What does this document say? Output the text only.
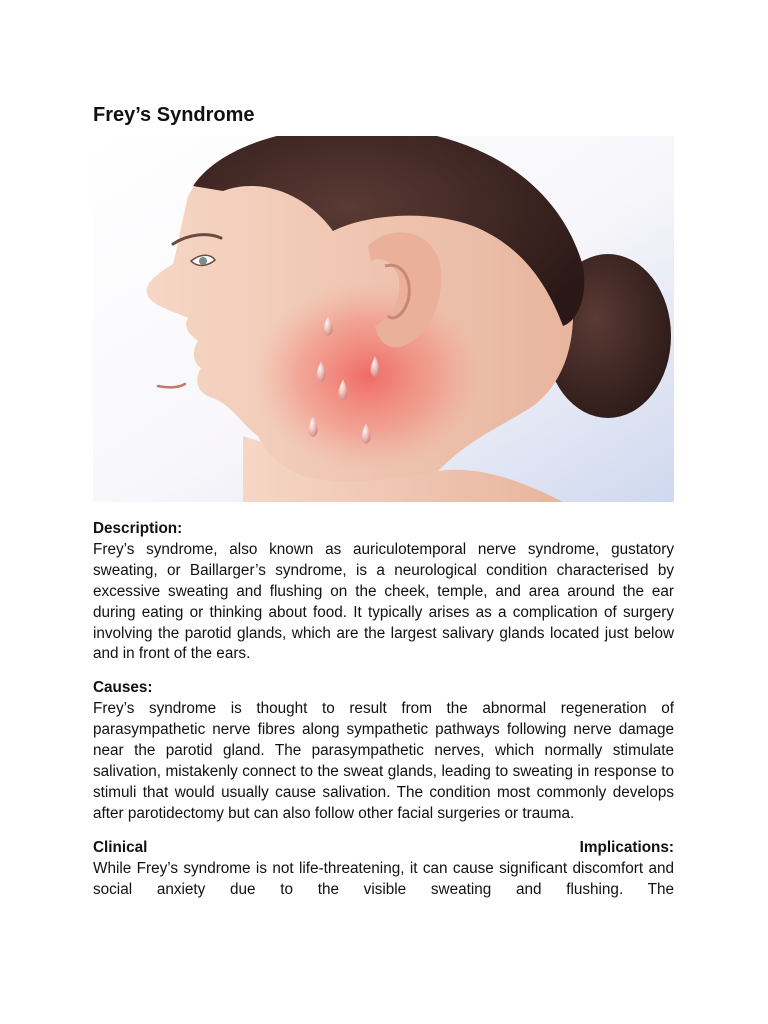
Frey’s Syndrome
Description:

Frey’s syndrome, also known as auriculotemporal nerve syndrome, gustatory sweating, or Baillarger’s syndrome, is a neurological condition characterised by excessive sweating and flushing on the cheek, temple, and area around the ear during eating or thinking about food. It typically arises as a complication of surgery involving the parotid glands, which are the largest salivary glands located just below and in front of the ears.

Causes:

Frey’s syndrome is thought to result from the abnormal regeneration of parasympathetic nerve fibres along sympathetic pathways following nerve damage near the parotid gland. The parasympathetic nerves, which normally stimulate salivation, mistakenly connect to the sweat glands, leading to sweating in response to stimuli that would usually cause salivation. The condition most commonly develops after parotidectomy but can also follow other facial surgeries or trauma.

Clinical	Implications:

While Frey’s syndrome is not life-threatening, it can cause significant discomfort and social anxiety due to the visible sweating and flushing. The
